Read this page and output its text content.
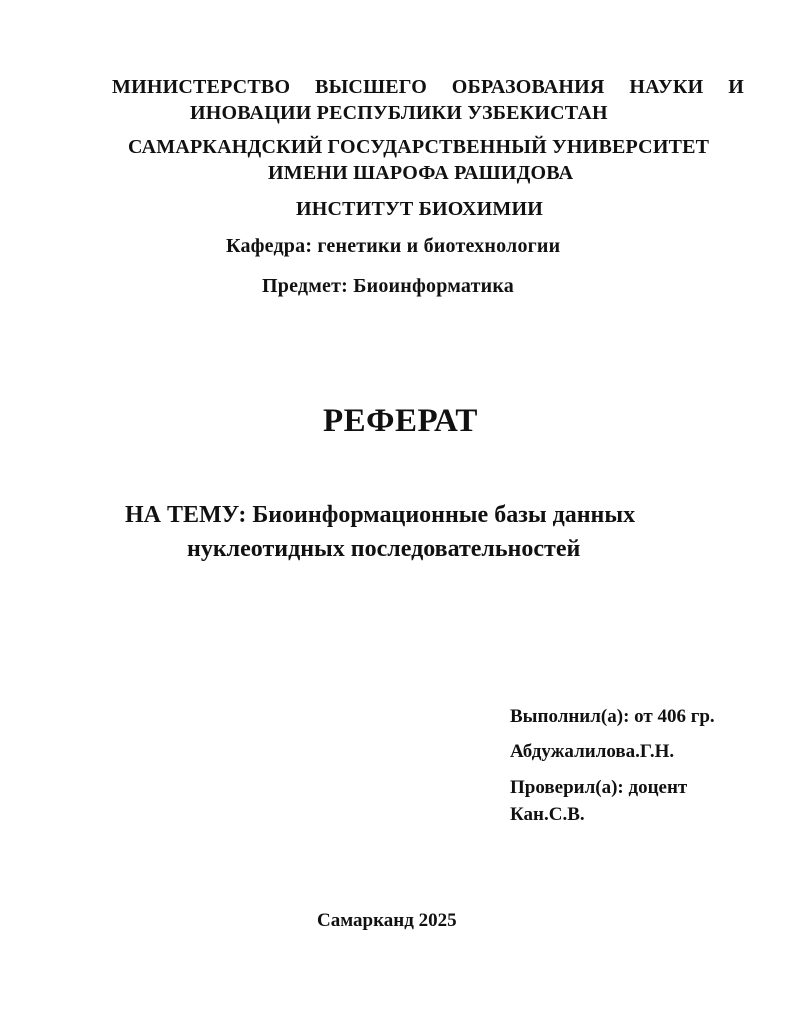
МИНИСТЕРСТВО ВЫСШЕГО ОБРАЗОВАНИЯ НАУКИ И
ИНОВАЦИИ РЕСПУБЛИКИ УЗБЕКИСТАН
САМАРКАНДСКИЙ ГОСУДАРСТВЕННЫЙ УНИВЕРСИТЕТ
ИМЕНИ ШАРОФА РАШИДОВА
ИНСТИТУТ БИОХИМИИ
Кафедра: генетики и биотехнологии
Предмет: Биоинформатика
РЕФЕРАТ
НА ТЕМУ: Биоинформационные базы данных
нуклеотидных последовательностей
Выполнил(а): от 406 гр.
Абдужалилова.Г.Н.
Проверил(а): доцент
Кан.С.В.
Самарканд 2025
